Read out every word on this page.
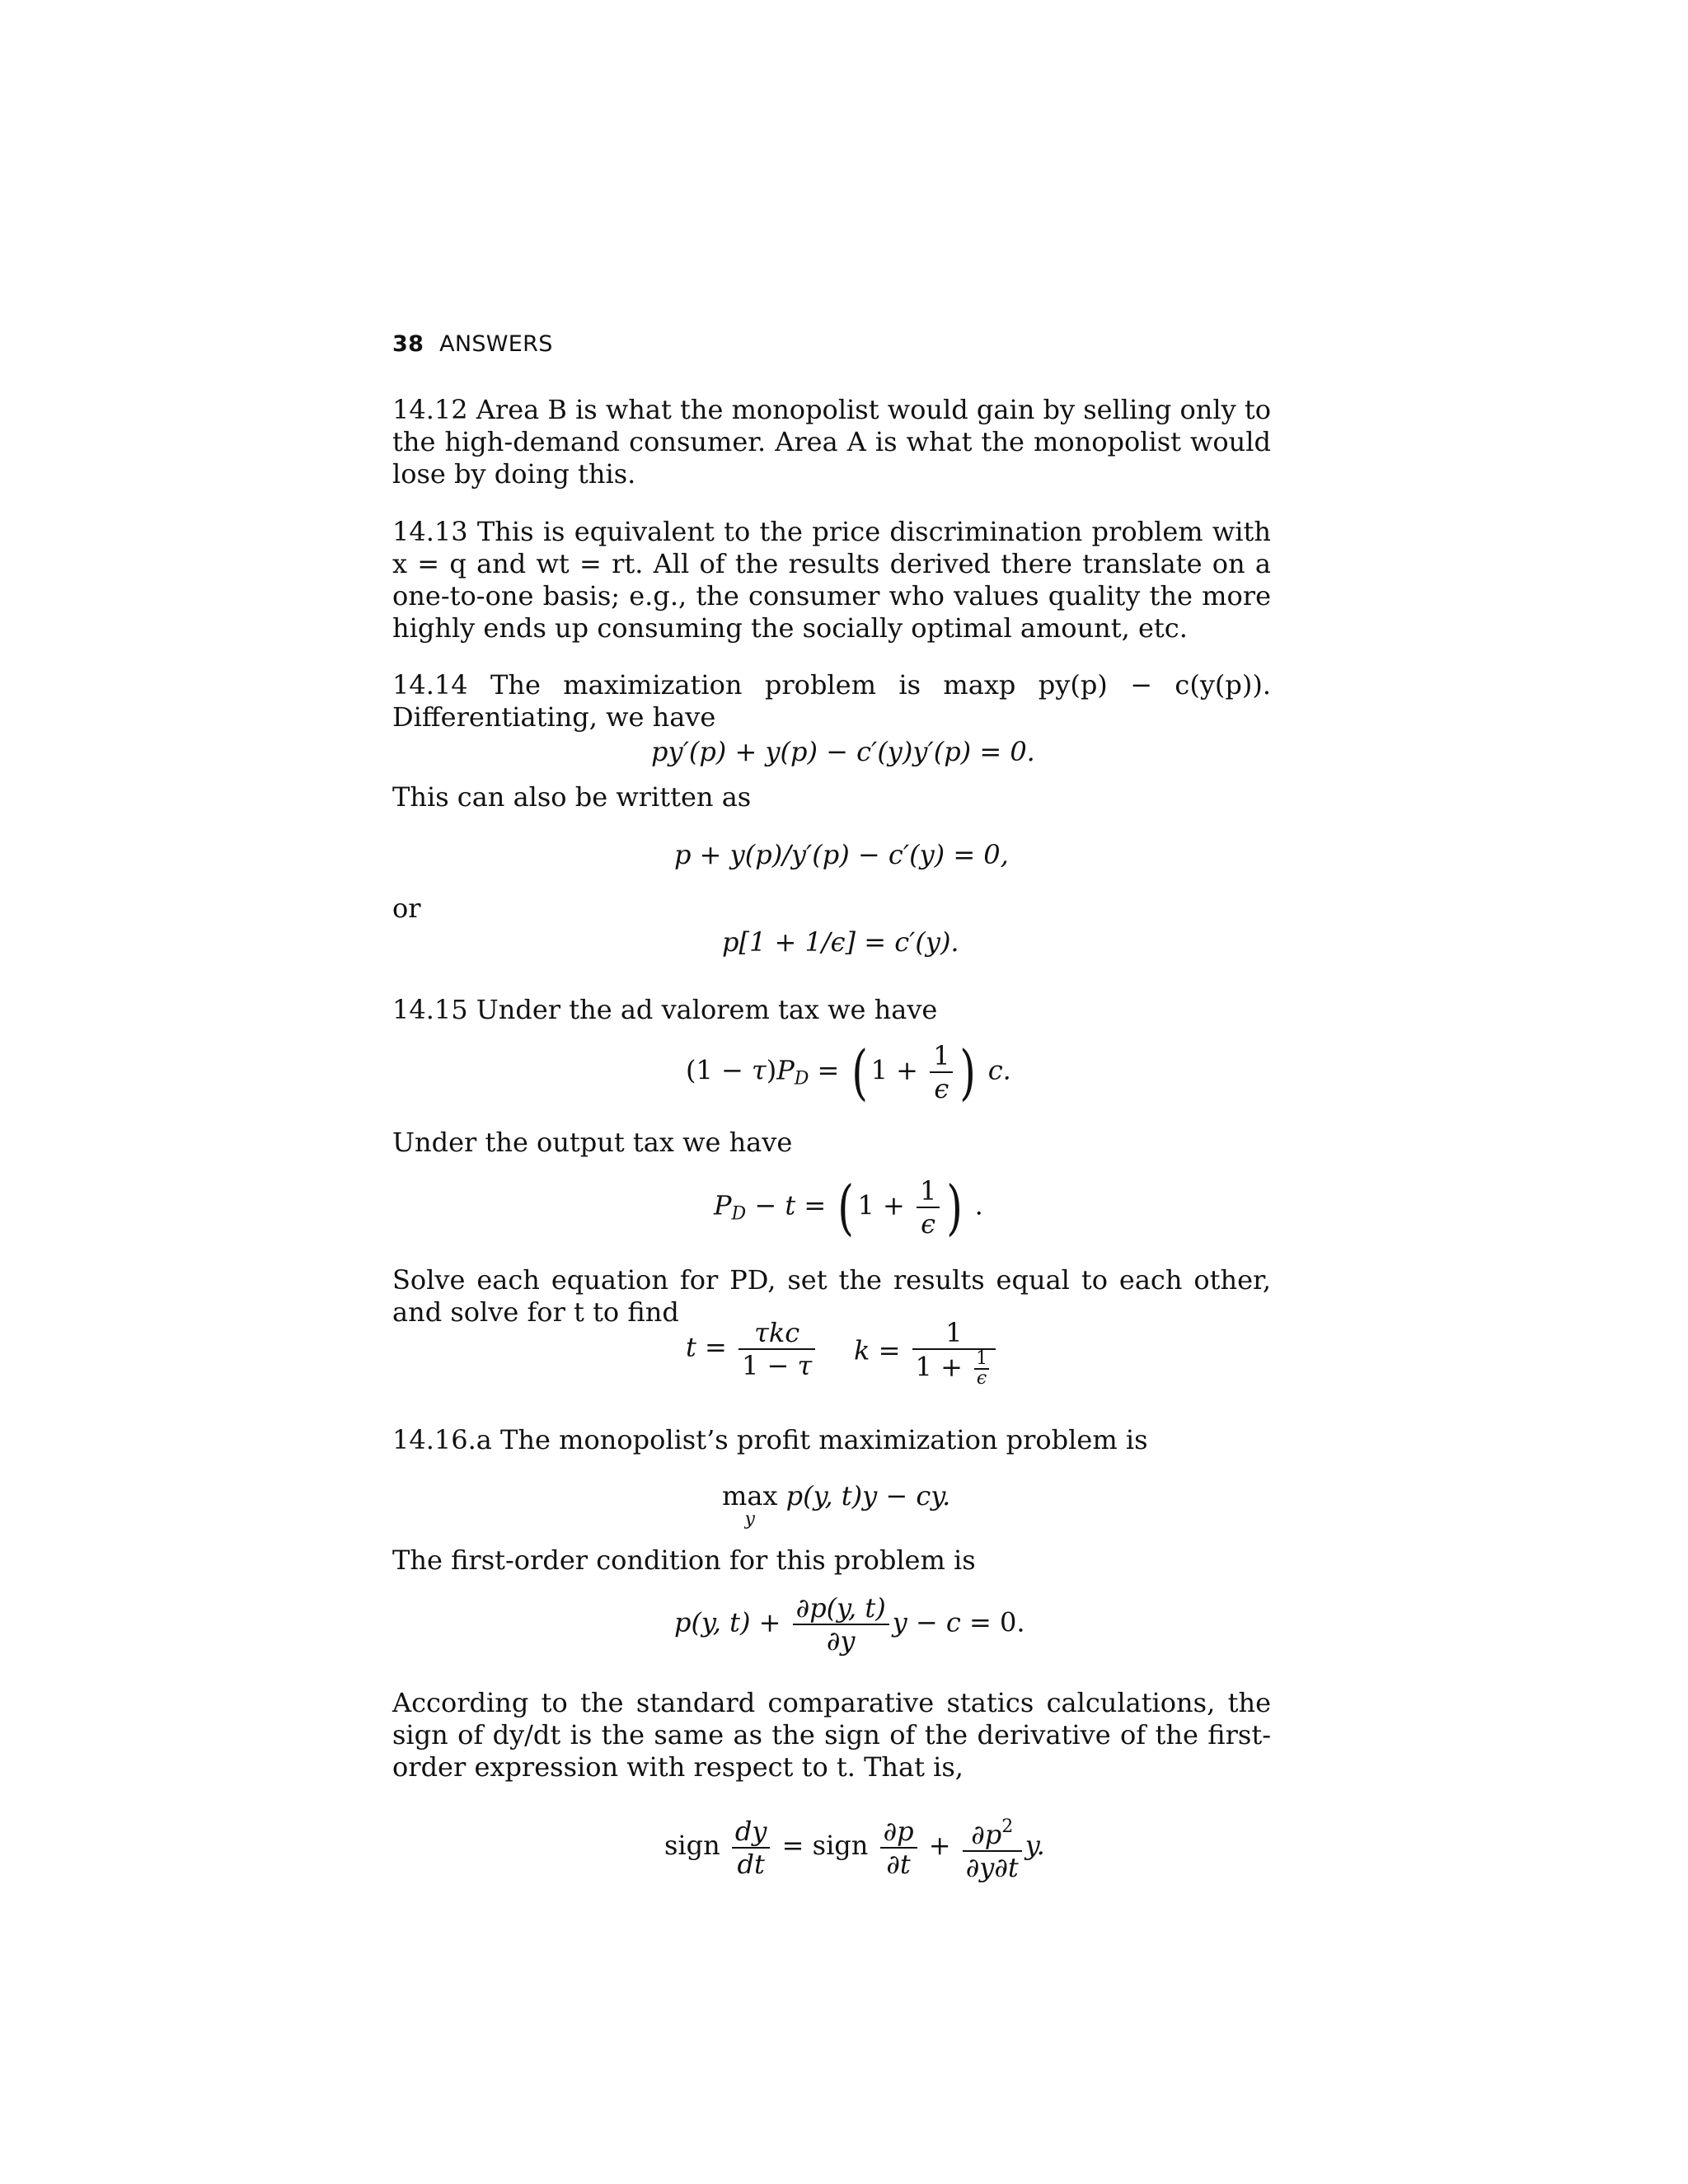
38 ANSWERS
14.12 Area B is what the monopolist would gain by selling only to the high-demand consumer. Area A is what the monopolist would lose by doing this.
14.13 This is equivalent to the price discrimination problem with x = q and wt = rt. All of the results derived there translate on a one-to-one basis; e.g., the consumer who values quality the more highly ends up consuming the socially optimal amount, etc.
14.14 The maximization problem is maxp py(p) − c(y(p)). Differentiating, we have
py′(p) + y(p) − c′(y)y′(p) = 0.
This can also be written as
p + y(p)/y′(p) − c′(y) = 0,
or
p[1 + 1/ϵ] = c′(y).
14.15 Under the ad valorem tax we have
$(1 - \tau)P_D$ = ( $1 + \frac{1}{\epsilon}$ ) c.
Under the output tax we have
$P_D - t$ = ( $1 + \frac{1}{\epsilon}$ ) .
Solve each equation for PD, set the results equal to each other, and solve for t to find
$t = \frac{\text{τkc}}{1 - \tau}$ $k = \frac{1}{1 + \frac{1}{\epsilon}}$
14.16.a The monopolist’s profit maximization problem is
max
y
p(y, t)y − cy.
The first-order condition for this problem is
p(y, $t) + \frac{\partial p(y, t)}{\partial y}$ y − c = 0.
According to the standard comparative statics calculations, the sign of dy/dt is the same as the sign of the derivative of the first-order expression with respect to t. That is,
sign $\frac{dy}{dt}$ = sign $\frac{\partial p}{\partial t} + \frac{\partial p^2}{\partial y\partial t} y$.
